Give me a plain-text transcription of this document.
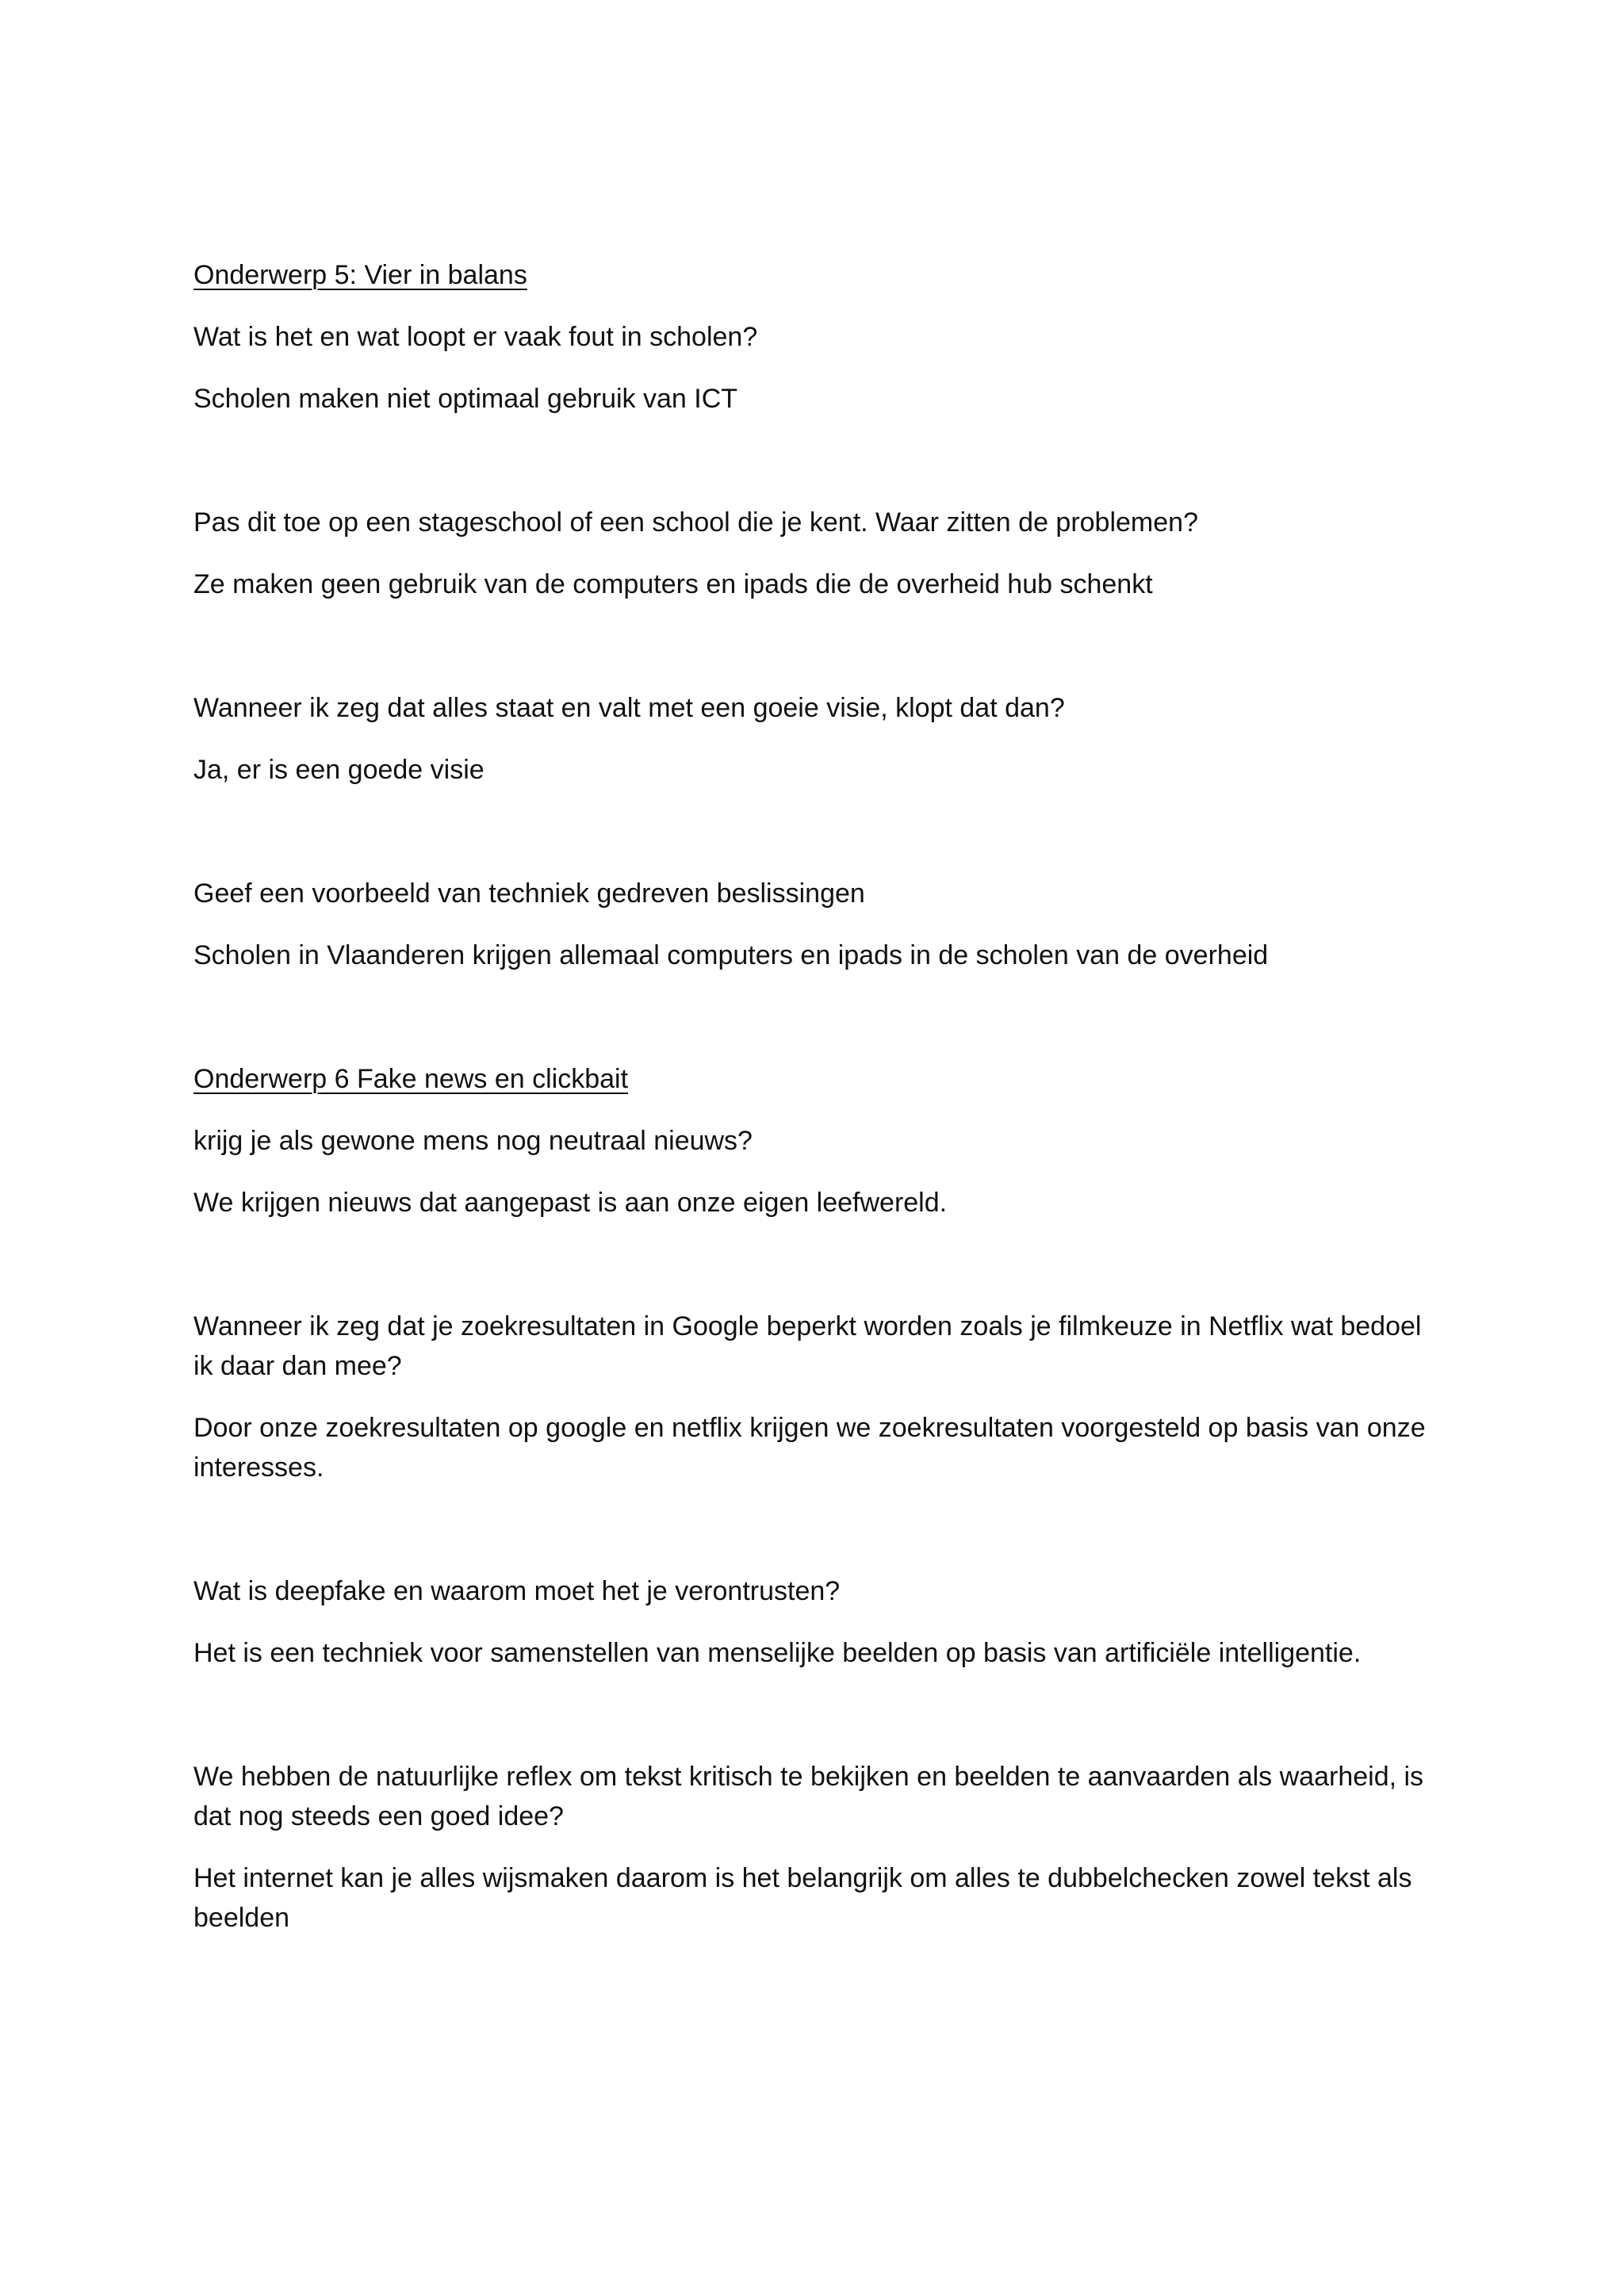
Onderwerp 5: Vier in balans

Wat is het en wat loopt er vaak fout in scholen?

Scholen maken niet optimaal gebruik van ICT

Pas dit toe op een stageschool of een school die je kent. Waar zitten de problemen?

Ze maken geen gebruik van de computers en ipads die de overheid hub schenkt

Wanneer ik zeg dat alles staat en valt met een goeie visie, klopt dat dan?

Ja, er is een goede visie

Geef een voorbeeld van techniek gedreven beslissingen

Scholen in Vlaanderen krijgen allemaal computers en ipads in de scholen van de overheid

Onderwerp 6 Fake news en clickbait

krijg je als gewone mens nog neutraal nieuws?

We krijgen nieuws dat aangepast is aan onze eigen leefwereld.

Wanneer ik zeg dat je zoekresultaten in Google beperkt worden zoals je filmkeuze in Netflix wat bedoel ik daar dan mee?

Door onze zoekresultaten op google en netflix krijgen we zoekresultaten voorgesteld op basis van onze interesses.

Wat is deepfake en waarom moet het je verontrusten?

Het is een techniek voor samenstellen van menselijke beelden op basis van artificiële intelligentie.

We hebben de natuurlijke reflex om tekst kritisch te bekijken en beelden te aanvaarden als waarheid, is dat nog steeds een goed idee?

Het internet kan je alles wijsmaken daarom is het belangrijk om alles te dubbelchecken zowel tekst als beelden
